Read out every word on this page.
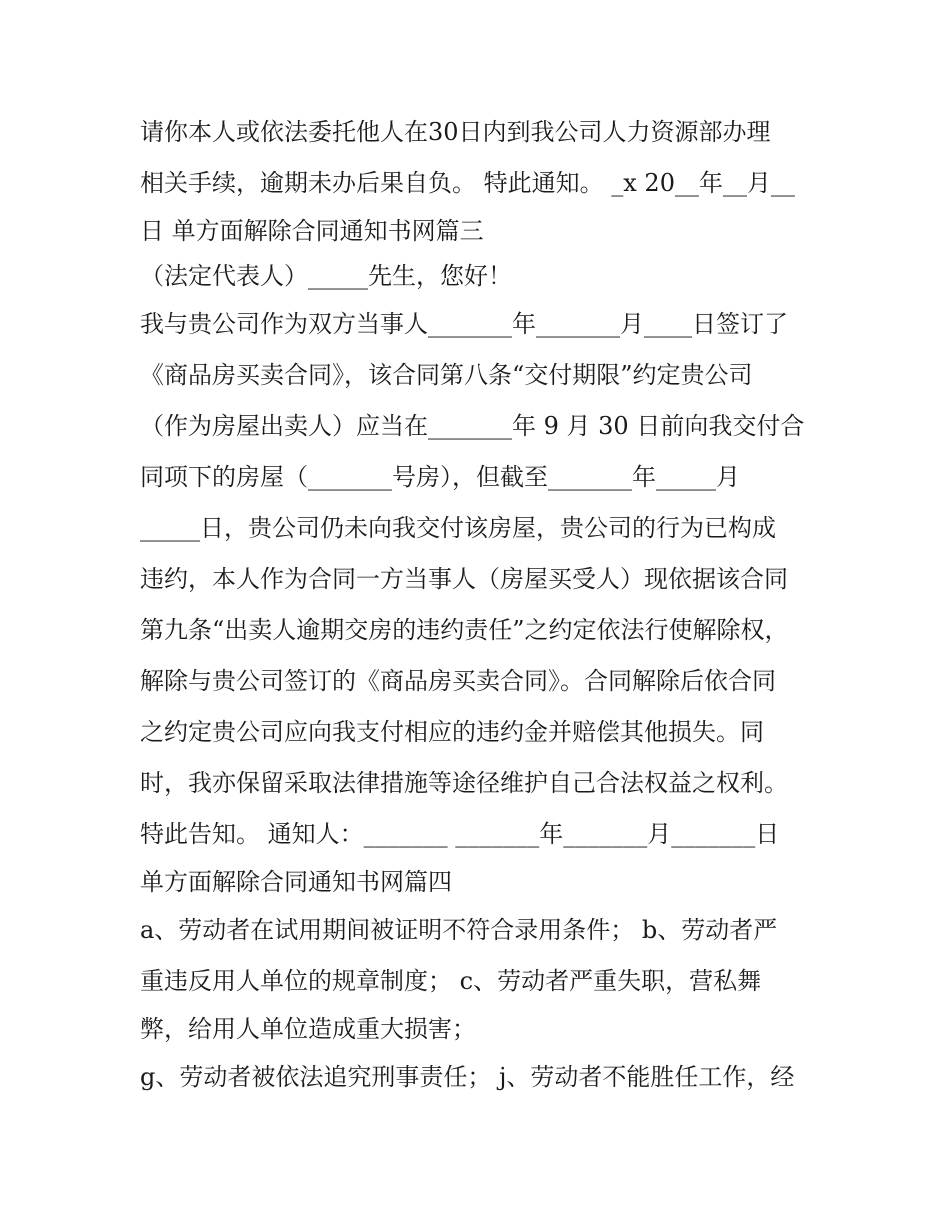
请你本人或依法委托他人在30日内到我公司人力资源部办理
相关手续，逾期未办后果自负。 特此通知。 _x 20__年__月__
日 单方面解除合同通知书网篇三
（法定代表人）_____先生，您好！
我与贵公司作为双方当事人_______年_______月____日签订了
《商品房买卖合同》，该合同第八条“交付期限”约定贵公司
（作为房屋出卖人）应当在_______年 9 月 30 日前向我交付合
同项下的房屋（_______号房），但截至_______年_____月
_____日，贵公司仍未向我交付该房屋，贵公司的行为已构成
违约，本人作为合同一方当事人（房屋买受人）现依据该合同
第九条“出卖人逾期交房的违约责任”之约定依法行使解除权，
解除与贵公司签订的《商品房买卖合同》。合同解除后依合同
之约定贵公司应向我支付相应的违约金并赔偿其他损失。同
时，我亦保留采取法律措施等途径维护自己合法权益之权利。
特此告知。 通知人：_______ _______年_______月_______日
单方面解除合同通知书网篇四
a、劳动者在试用期间被证明不符合录用条件； b、劳动者严
重违反用人单位的规章制度； c、劳动者严重失职，营私舞
弊，给用人单位造成重大损害；
g、劳动者被依法追究刑事责任； j、劳动者不能胜任工作，经
